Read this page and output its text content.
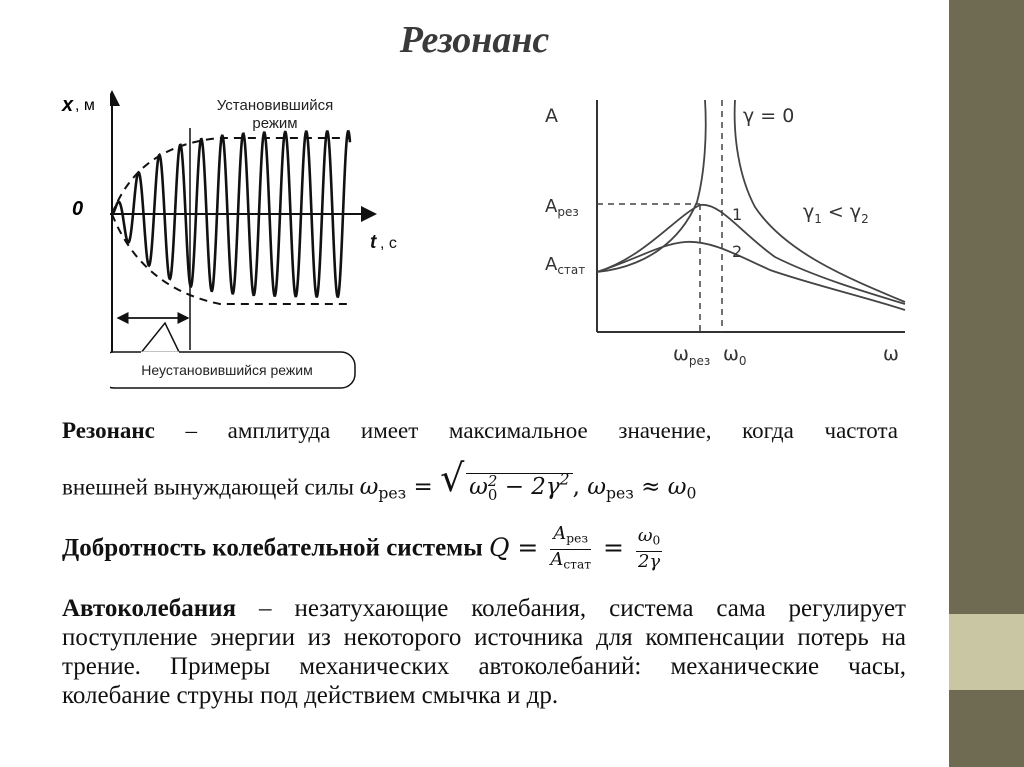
Резонанс
Неустановившийся режим
Установившийся
режим
t , с
x , м
0
A
$A_{рез}$
$A_{стат}$
γ = 0
$\gamma_1 < \gamma_2$
1
2
$\omega_{рез}$ $\omega_0$	ω
Резонанс – амплитуда имеет максимальное значение, когда частота
внешней вынуждающей силы $\omega_{рез}$ = √ ω 2
$0 - 2\gamma^2$ , $\omega_{рез} \approx \omega_0$
Добротность колебательной системы $Q = \frac{A_{рез}}{A_{стат}} = \frac{\omega_0}{2\gamma}$
Автоколебания – незатухающие колебания, система сама регулирует поступление энергии из некоторого источника для компенсации потерь на трение. Примеры механических автоколебаний: механические часы, колебание струны под действием смычка и др.
